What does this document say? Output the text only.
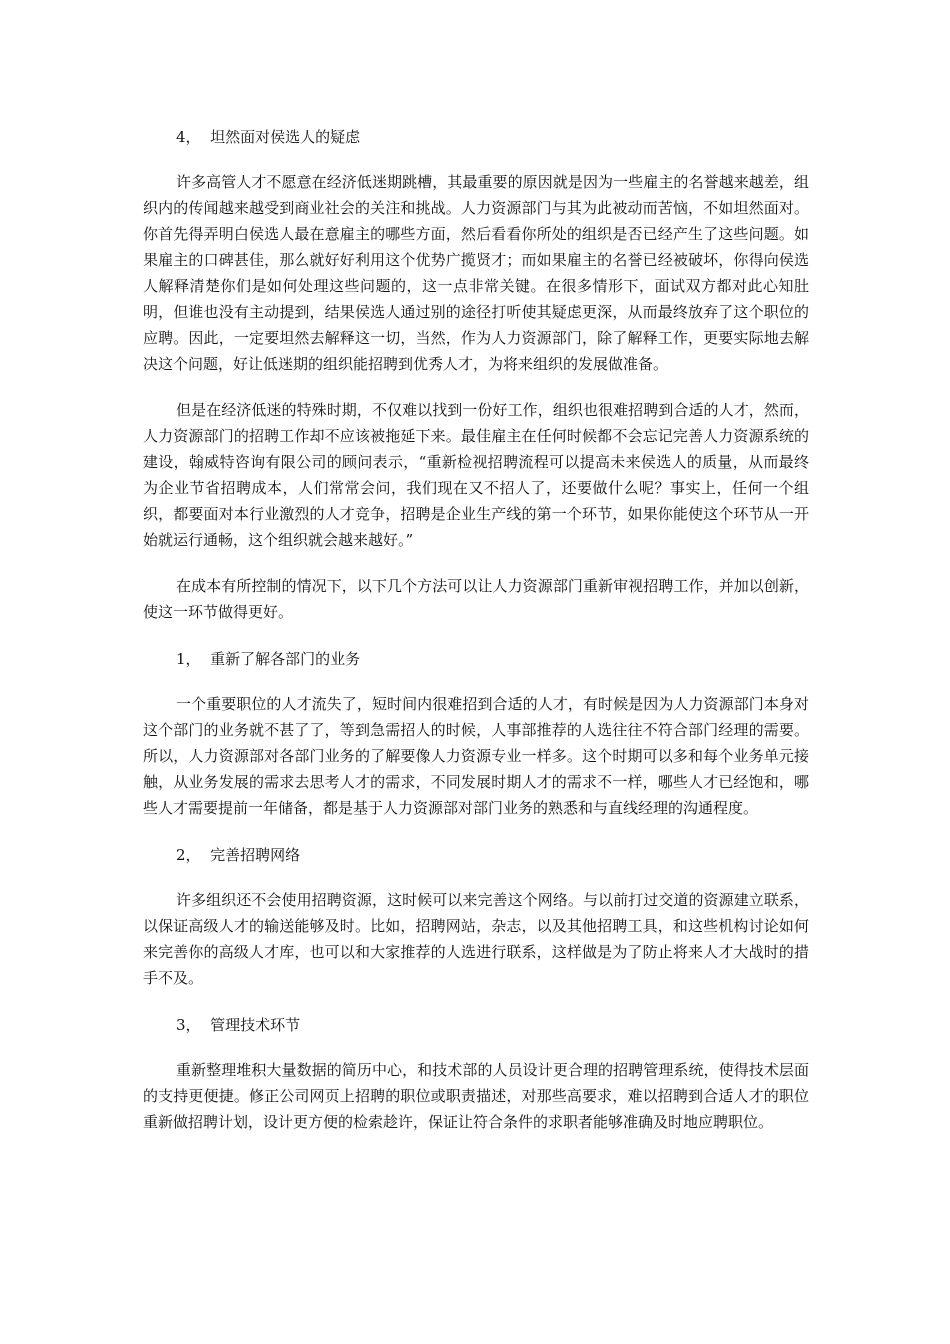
4，  坦然面对侯选人的疑虑

许多高管人才不愿意在经济低迷期跳槽，其最重要的原因就是因为一些雇主的名誉越来越差，组织内的传闻越来越受到商业社会的关注和挑战。人力资源部门与其为此被动而苦恼，不如坦然面对。你首先得弄明白侯选人最在意雇主的哪些方面，然后看看你所处的组织是否已经产生了这些问题。如果雇主的口碑甚佳，那么就好好利用这个优势广揽贤才；而如果雇主的名誉已经被破坏，你得向侯选人解释清楚你们是如何处理这些问题的，这一点非常关键。在很多情形下，面试双方都对此心知肚明，但谁也没有主动提到，结果侯选人通过别的途径打听使其疑虑更深，从而最终放弃了这个职位的应聘。因此，一定要坦然去解释这一切，当然，作为人力资源部门，除了解释工作，更要实际地去解决这个问题，好让低迷期的组织能招聘到优秀人才，为将来组织的发展做准备。

但是在经济低迷的特殊时期，不仅难以找到一份好工作，组织也很难招聘到合适的人才，然而，人力资源部门的招聘工作却不应该被拖延下来。最佳雇主在任何时候都不会忘记完善人力资源系统的建设，翰威特咨询有限公司的顾问表示，“重新检视招聘流程可以提高未来侯选人的质量，从而最终为企业节省招聘成本，人们常常会问，我们现在又不招人了，还要做什么呢？事实上，任何一个组织，都要面对本行业激烈的人才竞争，招聘是企业生产线的第一个环节，如果你能使这个环节从一开始就运行通畅，这个组织就会越来越好。”

在成本有所控制的情况下，以下几个方法可以让人力资源部门重新审视招聘工作，并加以创新，使这一环节做得更好。

1，  重新了解各部门的业务

一个重要职位的人才流失了，短时间内很难招到合适的人才，有时候是因为人力资源部门本身对这个部门的业务就不甚了了，等到急需招人的时候，人事部推荐的人选往往不符合部门经理的需要。所以，人力资源部对各部门业务的了解要像人力资源专业一样多。这个时期可以多和每个业务单元接触，从业务发展的需求去思考人才的需求，不同发展时期人才的需求不一样，哪些人才已经饱和，哪些人才需要提前一年储备，都是基于人力资源部对部门业务的熟悉和与直线经理的沟通程度。

2，  完善招聘网络

许多组织还不会使用招聘资源，这时候可以来完善这个网络。与以前打过交道的资源建立联系，以保证高级人才的输送能够及时。比如，招聘网站，杂志，以及其他招聘工具，和这些机构讨论如何来完善你的高级人才库，也可以和大家推荐的人选进行联系，这样做是为了防止将来人才大战时的措手不及。

3，  管理技术环节

重新整理堆积大量数据的简历中心，和技术部的人员设计更合理的招聘管理系统，使得技术层面的支持更便捷。修正公司网页上招聘的职位或职责描述，对那些高要求，难以招聘到合适人才的职位重新做招聘计划，设计更方便的检索趁许，保证让符合条件的求职者能够准确及时地应聘职位。
